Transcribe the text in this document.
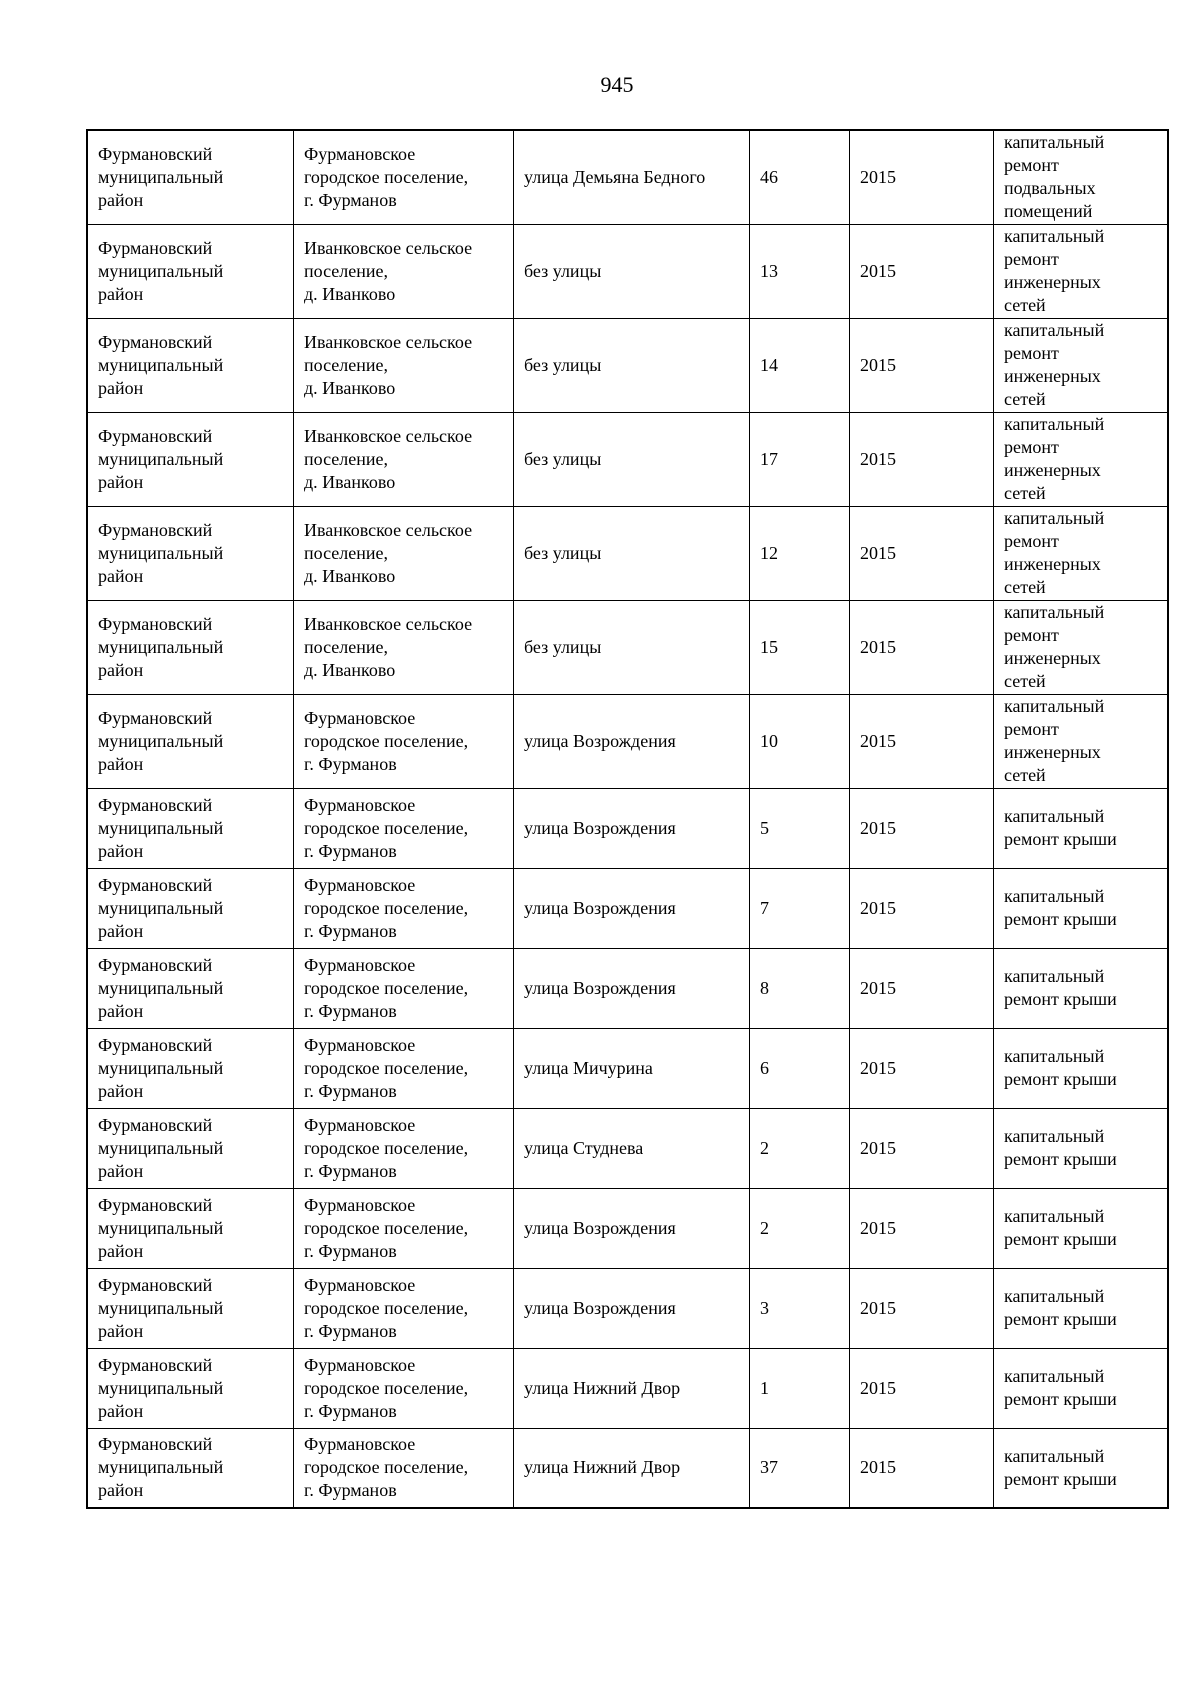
945
Фурмановский
муниципальный
район	Фурмановское
городское поселение,
г. Фурманов	улица Демьяна Бедного	46	2015	капитальный
ремонт
подвальных
помещений
Фурмановский
муниципальный
район	Иванковское сельское
поселение,
д. Иванково	без улицы	13	2015	капитальный
ремонт
инженерных
сетей
Фурмановский
муниципальный
район	Иванковское сельское
поселение,
д. Иванково	без улицы	14	2015	капитальный
ремонт
инженерных
сетей
Фурмановский
муниципальный
район	Иванковское сельское
поселение,
д. Иванково	без улицы	17	2015	капитальный
ремонт
инженерных
сетей
Фурмановский
муниципальный
район	Иванковское сельское
поселение,
д. Иванково	без улицы	12	2015	капитальный
ремонт
инженерных
сетей
Фурмановский
муниципальный
район	Иванковское сельское
поселение,
д. Иванково	без улицы	15	2015	капитальный
ремонт
инженерных
сетей
Фурмановский
муниципальный
район	Фурмановское
городское поселение,
г. Фурманов	улица Возрождения	10	2015	капитальный
ремонт
инженерных
сетей
Фурмановский
муниципальный
район	Фурмановское
городское поселение,
г. Фурманов	улица Возрождения	5	2015	капитальный
ремонт крыши
Фурмановский
муниципальный
район	Фурмановское
городское поселение,
г. Фурманов	улица Возрождения	7	2015	капитальный
ремонт крыши
Фурмановский
муниципальный
район	Фурмановское
городское поселение,
г. Фурманов	улица Возрождения	8	2015	капитальный
ремонт крыши
Фурмановский
муниципальный
район	Фурмановское
городское поселение,
г. Фурманов	улица Мичурина	6	2015	капитальный
ремонт крыши
Фурмановский
муниципальный
район	Фурмановское
городское поселение,
г. Фурманов	улица Студнева	2	2015	капитальный
ремонт крыши
Фурмановский
муниципальный
район	Фурмановское
городское поселение,
г. Фурманов	улица Возрождения	2	2015	капитальный
ремонт крыши
Фурмановский
муниципальный
район	Фурмановское
городское поселение,
г. Фурманов	улица Возрождения	3	2015	капитальный
ремонт крыши
Фурмановский
муниципальный
район	Фурмановское
городское поселение,
г. Фурманов	улица Нижний Двор	1	2015	капитальный
ремонт крыши
Фурмановский
муниципальный
район	Фурмановское
городское поселение,
г. Фурманов	улица Нижний Двор	37	2015	капитальный
ремонт крыши
